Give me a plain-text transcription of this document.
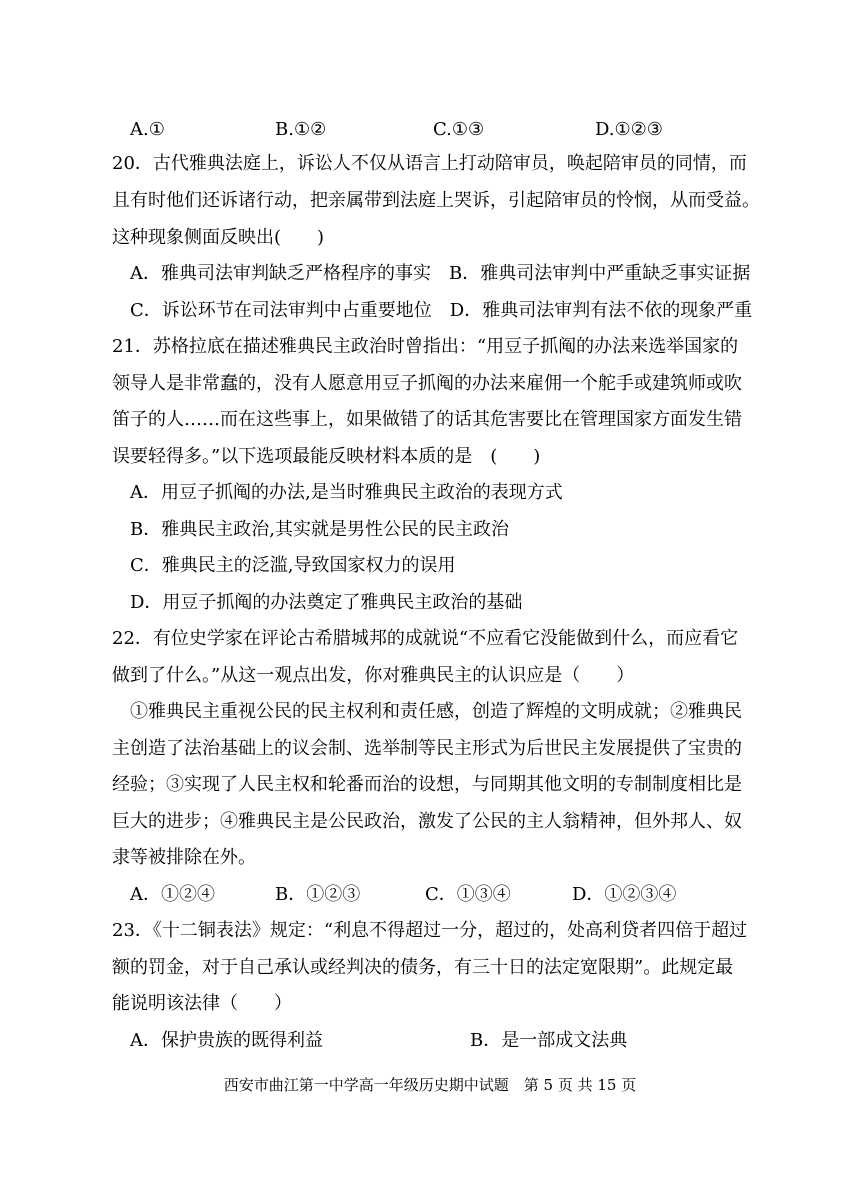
A.①	B.①②	C.①③	D.①②③
20．古代雅典法庭上，诉讼人不仅从语言上打动陪审员，唤起陪审员的同情，而
且有时他们还诉诸行动，把亲属带到法庭上哭诉，引起陪审员的怜悯，从而受益。
这种现象侧面反映出(　　)
A．雅典司法审判缺乏严格程序的事实　B．雅典司法审判中严重缺乏事实证据
C．诉讼环节在司法审判中占重要地位　D．雅典司法审判有法不依的现象严重
21．苏格拉底在描述雅典民主政治时曾指出：“用豆子抓阄的办法来选举国家的
领导人是非常蠢的，没有人愿意用豆子抓阄的办法来雇佣一个舵手或建筑师或吹
笛子的人……而在这些事上，如果做错了的话其危害要比在管理国家方面发生错
误要轻得多。”以下选项最能反映材料本质的是　(　　)
A．用豆子抓阄的办法,是当时雅典民主政治的表现方式
B．雅典民主政治,其实就是男性公民的民主政治
C．雅典民主的泛滥,导致国家权力的误用
D．用豆子抓阄的办法奠定了雅典民主政治的基础
22．有位史学家在评论古希腊城邦的成就说“不应看它没能做到什么，而应看它
做到了什么。”从这一观点出发，你对雅典民主的认识应是（　　）
①雅典民主重视公民的民主权利和责任感，创造了辉煌的文明成就；②雅典民
主创造了法治基础上的议会制、选举制等民主形式为后世民主发展提供了宝贵的
经验；③实现了人民主权和轮番而治的设想，与同期其他文明的专制制度相比是
巨大的进步；④雅典民主是公民政治，激发了公民的主人翁精神，但外邦人、奴
隶等被排除在外。
A．①②④	B．①②③	C．①③④	D．①②③④
23．《十二铜表法》规定：“利息不得超过一分，超过的，处高利贷者四倍于超过
额的罚金，对于自己承认或经判决的债务，有三十日的法定宽限期”。此规定最
能说明该法律（　　）
A．保护贵族的既得利益	B．是一部成文法典
西安市曲江第一中学高一年级历史期中试题　第 5 页 共 15 页
